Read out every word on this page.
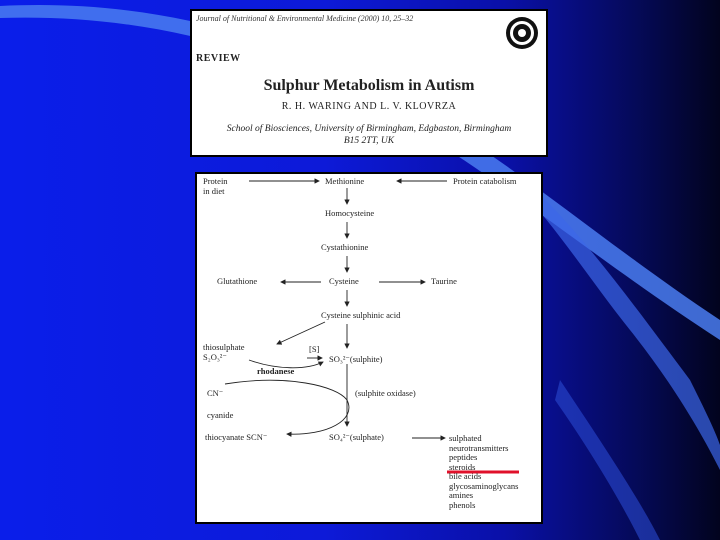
Journal of Nutritional & Environmental Medicine (2000) 10, 25–32
REVIEW
Sulphur Metabolism in Autism
R. H. WARING AND L. V. KLOVRZA
School of Biosciences, University of Birmingham, Edgbaston, Birmingham
B15 2TT, UK
Protein
in diet
Methionine	Protein catabolism
Homocysteine
Cystathionine
Glutathione	Cysteine	Taurine
Cysteine sulphinic acid
thiosulphate
S₂O₃²⁻
[S]
SO₃²⁻(sulphite)
rhodanese
CN⁻	(sulphite oxidase)
cyanide
thiocyanate SCN⁻	SO₄²⁻(sulphate)	sulphated
neurotransmitters
peptides
steroids
bile acids
glycosaminoglycans
amines
phenols
